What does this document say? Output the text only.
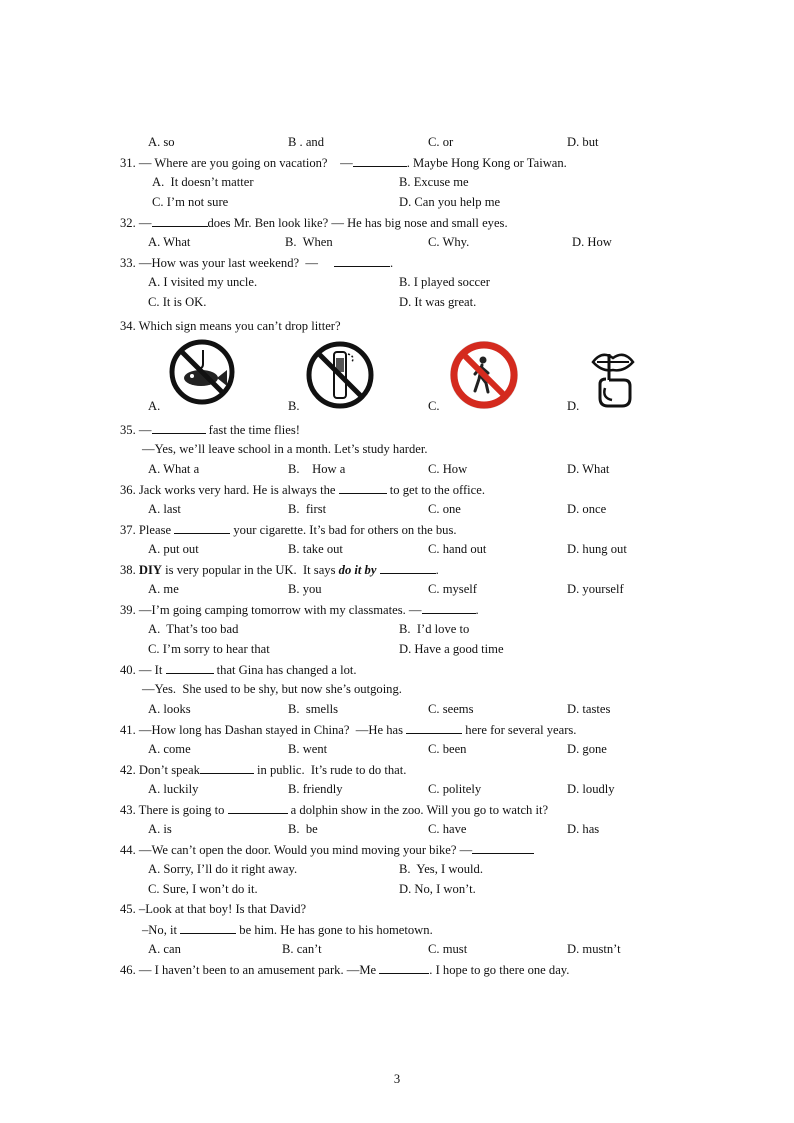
A. so	B . and	C. or	D. but
31. — Where are you going on vacation?    —	. Maybe Hong Kong or Taiwan.
A.  It doesn’t matter	B. Excuse me
C. I’m not sure	D. Can you help me
32. —	does Mr. Ben look like? — He has big nose and small eyes.
A. What	B.  When	C. Why.	D. How
33. —How was your last weekend?  —	.
A. I visited my uncle.	B. I played soccer
C. It is OK.	D. It was great.
34. Which sign means you can’t drop litter?
A.	B.	C.	D.
35. —	fast the time flies!
—Yes, we’ll leave school in a month. Let’s study harder.
A. What a	B.    How a	C. How	D. What
36. Jack works very hard. He is always the	to get to the office.
A. last	B.  first	C. one	D. once
37. Please	your cigarette. It’s bad for others on the bus.
A. put out	B. take out	C. hand out	D. hung out
38. DIY is very popular in the UK.  It says do it by	.
A. me	B. you	C. myself	D. yourself
39. —I’m going camping tomorrow with my classmates. —	.
A.  That’s too bad	B.  I’d love to
C. I’m sorry to hear that	D. Have a good time
40. — It	that Gina has changed a lot.
—Yes.  She used to be shy, but now she’s outgoing.
A. looks	B.  smells	C. seems	D. tastes
41. —How long has Dashan stayed in China?  —He has	here for several years.
A. come	B. went	C. been	D. gone
42. Don’t speak	in public.  It’s rude to do that.
A. luckily	B. friendly	C. politely	D. loudly
43. There is going to	a dolphin show in the zoo. Will you go to watch it?
A. is	B.  be	C. have	D. has
44. —We can’t open the door. Would you mind moving your bike? —
A. Sorry, I’ll do it right away.	B.  Yes, I would.
C. Sure, I won’t do it.	D. No, I won’t.
45. –Look at that boy! Is that David?
–No, it	be him. He has gone to his hometown.
A. can	B. can’t	C. must	D. mustn’t
46. — I haven’t been to an amusement park. —Me	. I hope to go there one day.
3
